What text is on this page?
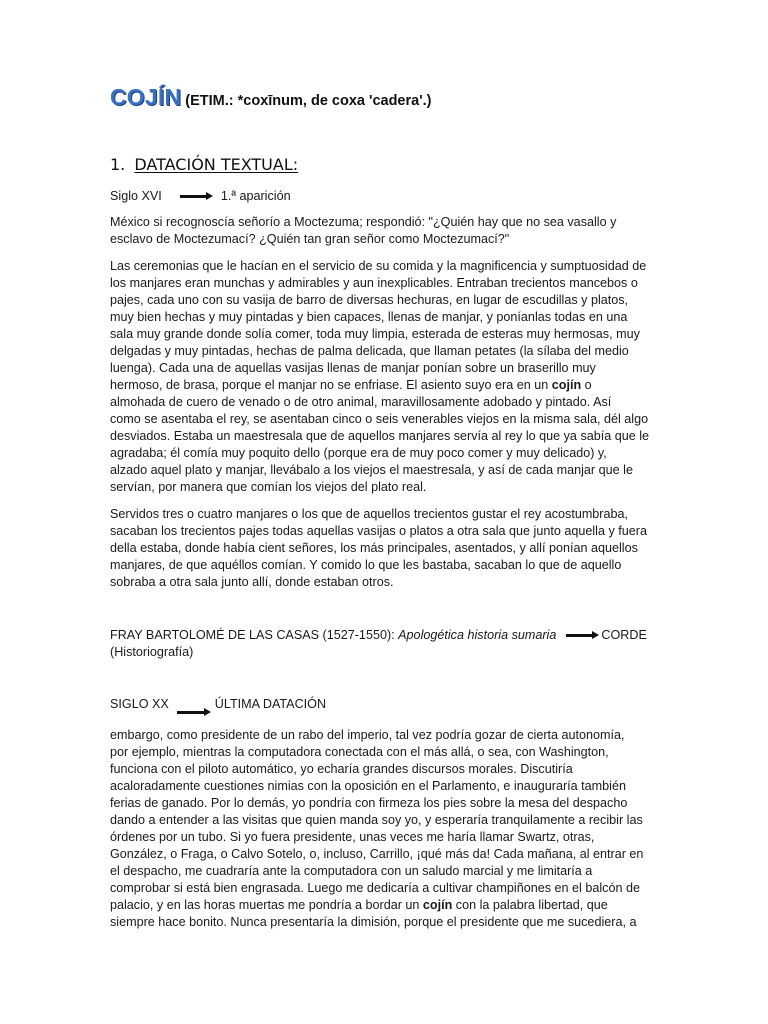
COJÍN (ETIM.: *coxīnum, de coxa 'cadera'.)
1. DATACIÓN TEXTUAL:
Siglo XVI	1.ª aparición

México si recognoscía señorío a Moctezuma; respondió: "¿Quién hay que no sea vasallo y
esclavo de Moctezumací? ¿Quién tan gran señor como Moctezumací?"

Las ceremonias que le hacían en el servicio de su comida y la magnificencia y sumptuosidad de
los manjares eran munchas y admirables y aun inexplicables. Entraban trecientos mancebos o
pajes, cada uno con su vasija de barro de diversas hechuras, en lugar de escudillas y platos,
muy bien hechas y muy pintadas y bien capaces, llenas de manjar, y poníanlas todas en una
sala muy grande donde solía comer, toda muy limpia, esterada de esteras muy hermosas, muy
delgadas y muy pintadas, hechas de palma delicada, que llaman petates (la sílaba del medio
luenga). Cada una de aquellas vasijas llenas de manjar ponían sobre un braserillo muy
hermoso, de brasa, porque el manjar no se enfriase. El asiento suyo era en un cojín o
almohada de cuero de venado o de otro animal, maravillosamente adobado y pintado. Así
como se asentaba el rey, se asentaban cinco o seis venerables viejos en la misma sala, dél algo
desviados. Estaba un maestresala que de aquellos manjares servía al rey lo que ya sabía que le
agradaba; él comía muy poquito dello (porque era de muy poco comer y muy delicado) y,
alzado aquel plato y manjar, llevábalo a los viejos el maestresala, y así de cada manjar que le
servían, por manera que comían los viejos del plato real.

Servidos tres o cuatro manjares o los que de aquellos trecientos gustar el rey acostumbraba,
sacaban los trecientos pajes todas aquellas vasijas o platos a otra sala que junto aquella y fuera
della estaba, donde había cient señores, los más principales, asentados, y allí ponían aquellos
manjares, de que aquéllos comían. Y comido lo que les bastaba, sacaban lo que de aquello
sobraba a otra sala junto allí, donde estaban otros.

FRAY BARTOLOMÉ DE LAS CASAS (1527-1550): Apologética historia sumaria	CORDE
(Historiografía)
SIGLO XX	ÚLTIMA DATACIÓN

embargo, como presidente de un rabo del imperio, tal vez podría gozar de cierta autonomía,
por ejemplo, mientras la computadora conectada con el más allá, o sea, con Washington,
funciona con el piloto automático, yo echaría grandes discursos morales. Discutiría
acaloradamente cuestiones nimias con la oposición en el Parlamento, e inauguraría también
ferias de ganado. Por lo demás, yo pondría con firmeza los pies sobre la mesa del despacho
dando a entender a las visitas que quien manda soy yo, y esperaría tranquilamente a recibir las
órdenes por un tubo. Si yo fuera presidente, unas veces me haría llamar Swartz, otras,
González, o Fraga, o Calvo Sotelo, o, incluso, Carrillo, ¡qué más da! Cada mañana, al entrar en
el despacho, me cuadraría ante la computadora con un saludo marcial y me limitaría a
comprobar si está bien engrasada. Luego me dedicaría a cultivar champiñones en el balcón de
palacio, y en las horas muertas me pondría a bordar un cojín con la palabra libertad, que
siempre hace bonito. Nunca presentaría la dimisión, porque el presidente que me sucediera, a
